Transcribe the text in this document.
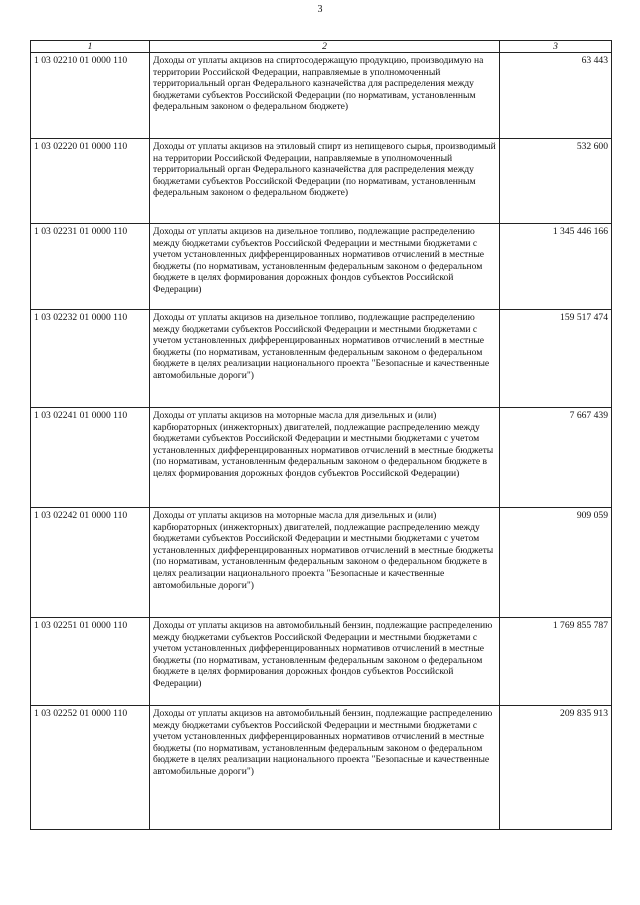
3
1	2	3
1 03 02210 01 0000 110	Доходы от уплаты акцизов на спиртосодержащую продукцию, производимую на территории Российской Федерации, направляемые в уполномоченный территориальный орган Федерального казначейства для распределения между бюджетами субъектов Российской Федерации (по нормативам, установленным федеральным законом о федеральном бюджете)	63 443
1 03 02220 01 0000 110	Доходы от уплаты акцизов на этиловый спирт из непищевого сырья, производимый на территории Российской Федерации, направляемые в уполномоченный территориальный орган Федерального казначейства для распределения между бюджетами субъектов Российской Федерации (по нормативам, установленным федеральным законом о федеральном бюджете)	532 600
1 03 02231 01 0000 110	Доходы от уплаты акцизов на дизельное топливо, подлежащие распределению между бюджетами субъектов Российской Федерации и местными бюджетами с учетом установленных дифференцированных нормативов отчислений в местные бюджеты (по нормативам, установленным федеральным законом о федеральном бюджете в целях формирования дорожных фондов субъектов Российской Федерации)	1 345 446 166
1 03 02232 01 0000 110	Доходы от уплаты акцизов на дизельное топливо, подлежащие распределению между бюджетами субъектов Российской Федерации и местными бюджетами с учетом установленных дифференцированных нормативов отчислений в местные бюджеты (по нормативам, установленным федеральным законом о федеральном бюджете в целях реализации национального проекта "Безопасные и качественные автомобильные дороги")	159 517 474
1 03 02241 01 0000 110	Доходы от уплаты акцизов на моторные масла для дизельных и (или) карбюраторных (инжекторных) двигателей, подлежащие распределению между бюджетами субъектов Российской Федерации и местными бюджетами с учетом установленных дифференцированных нормативов отчислений в местные бюджеты (по нормативам, установленным федеральным законом о федеральном бюджете в целях формирования дорожных фондов субъектов Российской Федерации)	7 667 439
1 03 02242 01 0000 110	Доходы от уплаты акцизов на моторные масла для дизельных и (или) карбюраторных (инжекторных) двигателей, подлежащие распределению между бюджетами субъектов Российской Федерации и местными бюджетами с учетом установленных дифференцированных нормативов отчислений в местные бюджеты (по нормативам, установленным федеральным законом о федеральном бюджете в целях реализации национального проекта "Безопасные и качественные автомобильные дороги")	909 059
1 03 02251 01 0000 110	Доходы от уплаты акцизов на автомобильный бензин, подлежащие распределению между бюджетами субъектов Российской Федерации и местными бюджетами с учетом установленных дифференцированных нормативов отчислений в местные бюджеты (по нормативам, установленным федеральным законом о федеральном бюджете в целях формирования дорожных фондов субъектов Российской Федерации)	1 769 855 787
1 03 02252 01 0000 110	Доходы от уплаты акцизов на автомобильный бензин, подлежащие распределению между бюджетами субъектов Российской Федерации и местными бюджетами с учетом установленных дифференцированных нормативов отчислений в местные бюджеты (по нормативам, установленным федеральным законом о федеральном бюджете в целях реализации национального проекта "Безопасные и качественные автомобильные дороги")	209 835 913
